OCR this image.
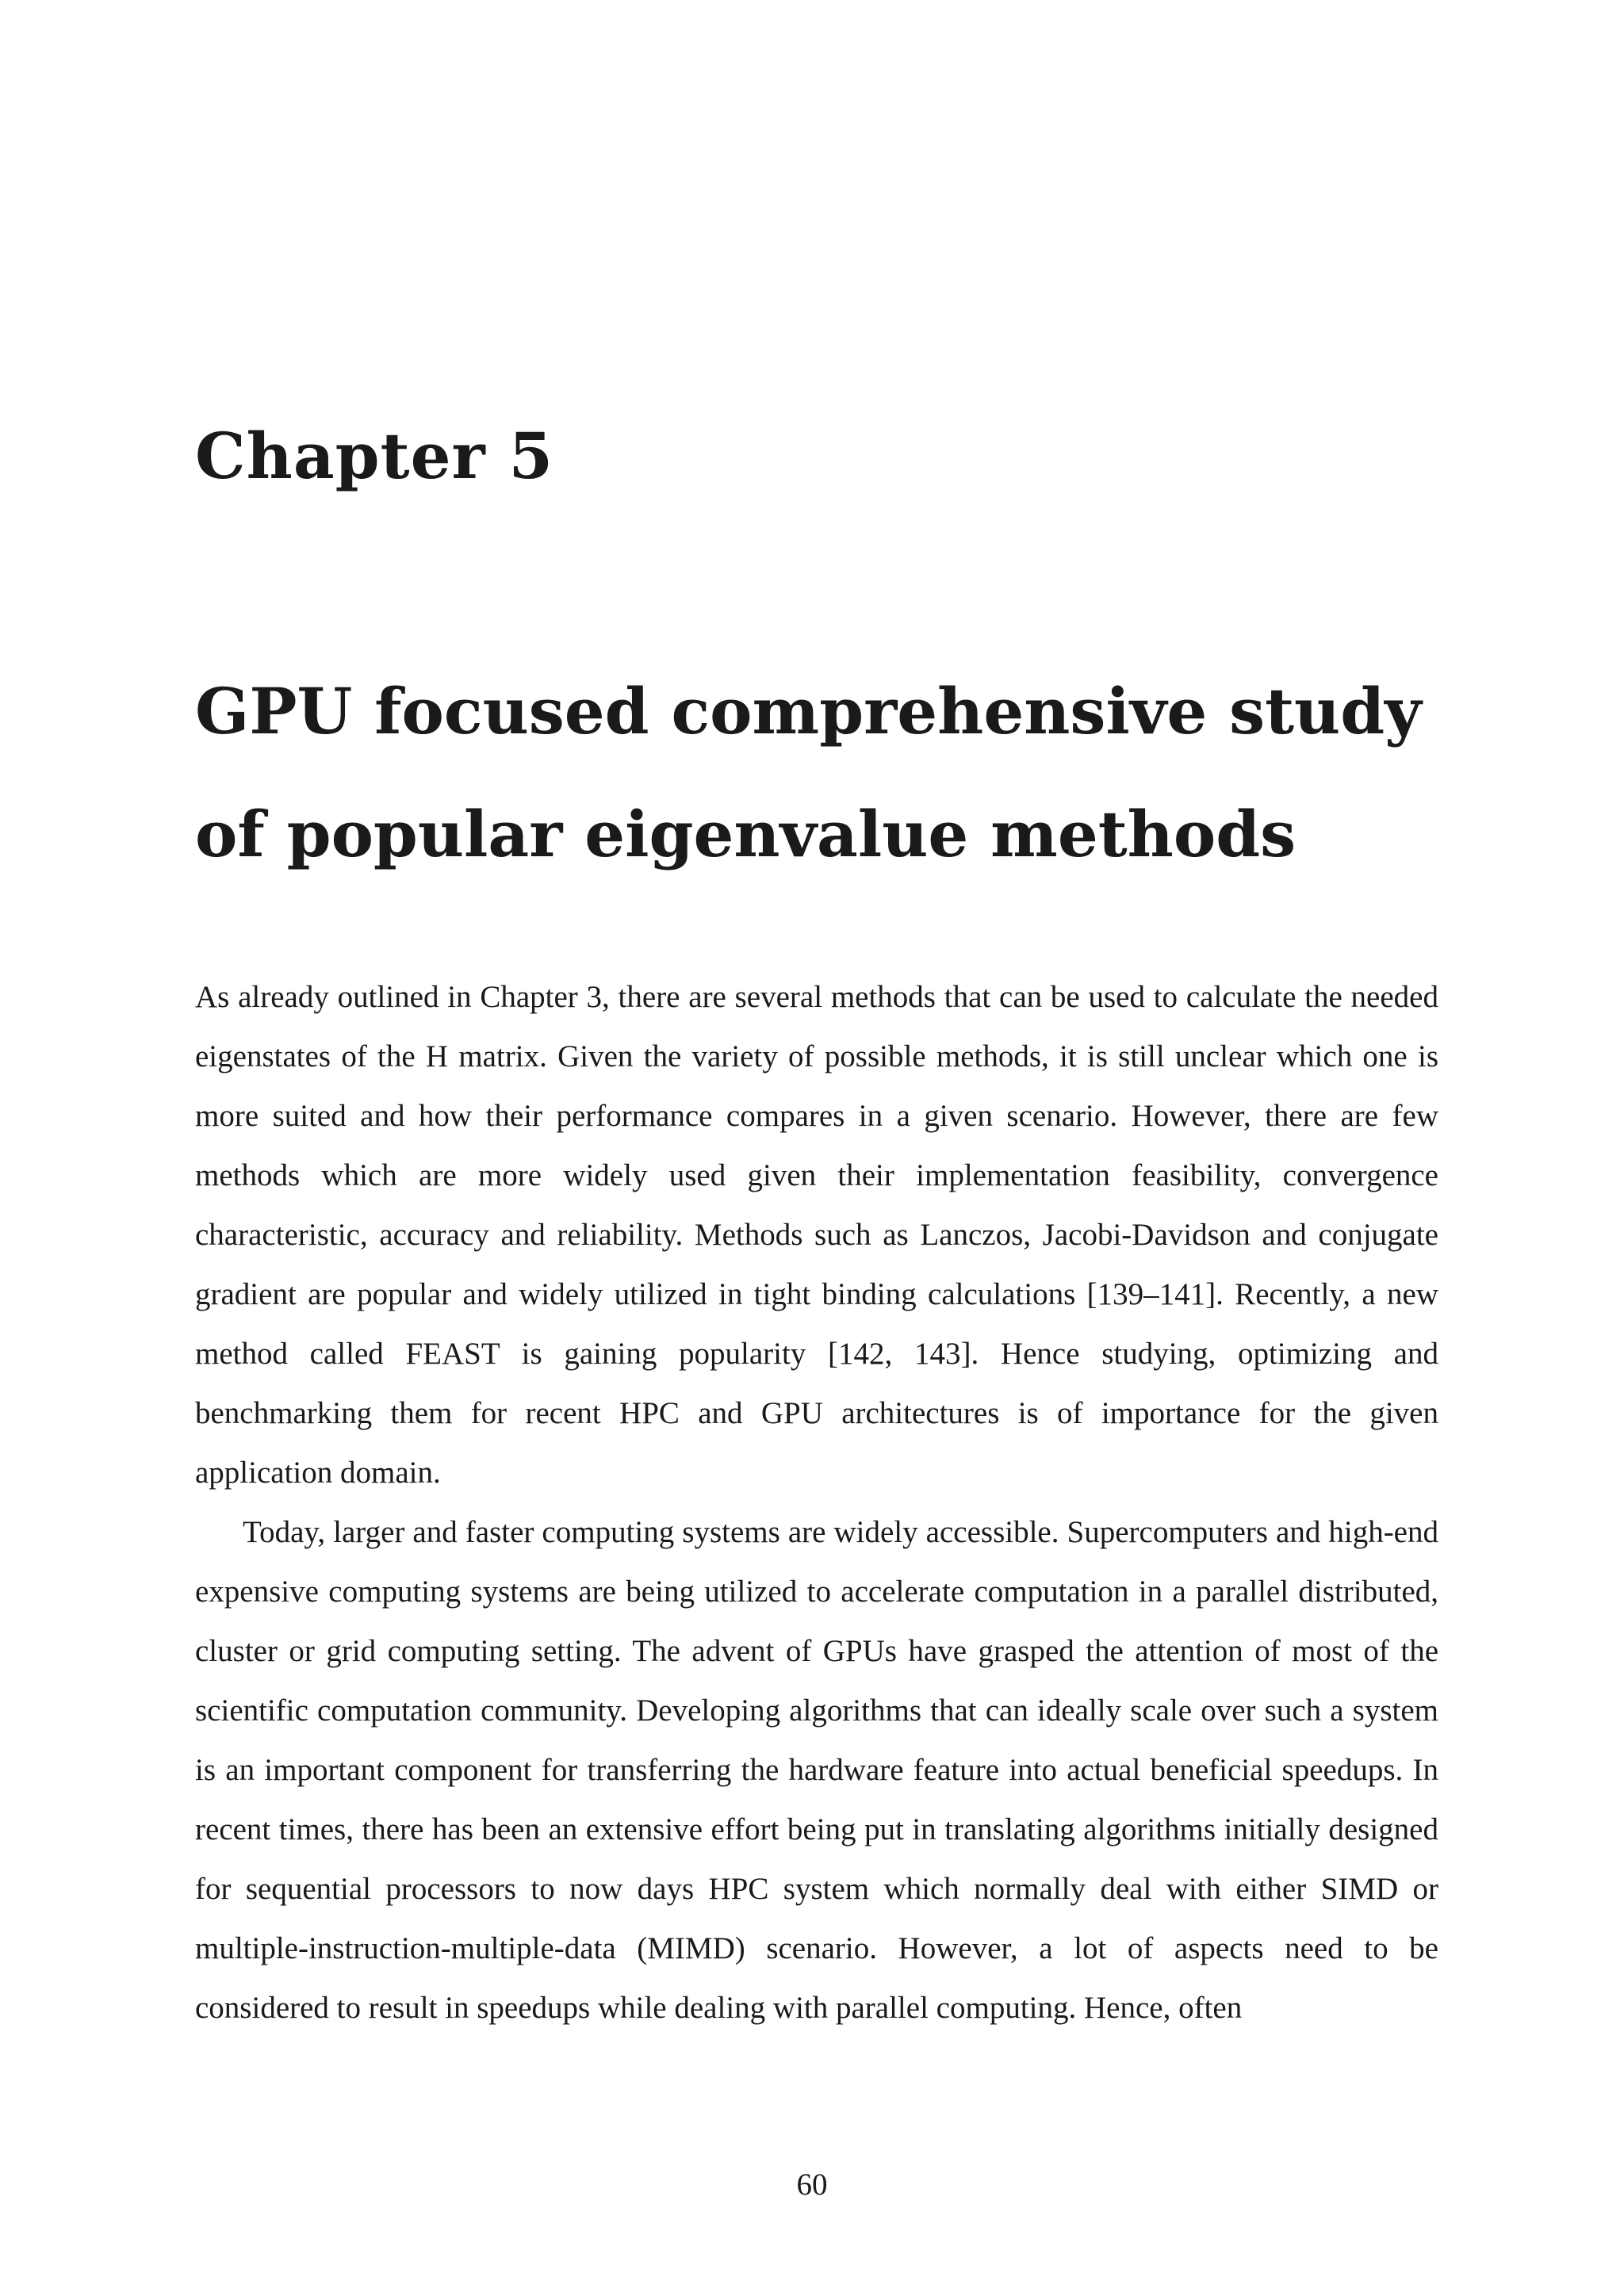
Chapter 5
GPU focused comprehensive study
of popular eigenvalue methods

As already outlined in Chapter 3, there are several methods that can be used to calculate the needed eigenstates of the H matrix. Given the variety of possible methods, it is still unclear which one is more suited and how their performance compares in a given scenario. However, there are few methods which are more widely used given their implementation feasibility, convergence characteristic, accuracy and reliability. Methods such as Lanczos, Jacobi-Davidson and conjugate gradient are popular and widely utilized in tight binding calculations [139–141]. Recently, a new method called FEAST is gaining popularity [142, 143]. Hence studying, optimizing and benchmarking them for recent HPC and GPU architectures is of importance for the given application domain.

Today, larger and faster computing systems are widely accessible. Supercomputers and high-end expensive computing systems are being utilized to accelerate computation in a parallel distributed, cluster or grid computing setting. The advent of GPUs have grasped the attention of most of the scientific computation community. Developing algorithms that can ideally scale over such a system is an important component for transferring the hardware feature into actual beneficial speedups. In recent times, there has been an extensive effort being put in translating algorithms initially designed for sequential processors to now days HPC system which normally deal with either SIMD or multiple-instruction-multiple-data (MIMD) scenario. However, a lot of aspects need to be considered to result in speedups while dealing with parallel computing. Hence, often

60
